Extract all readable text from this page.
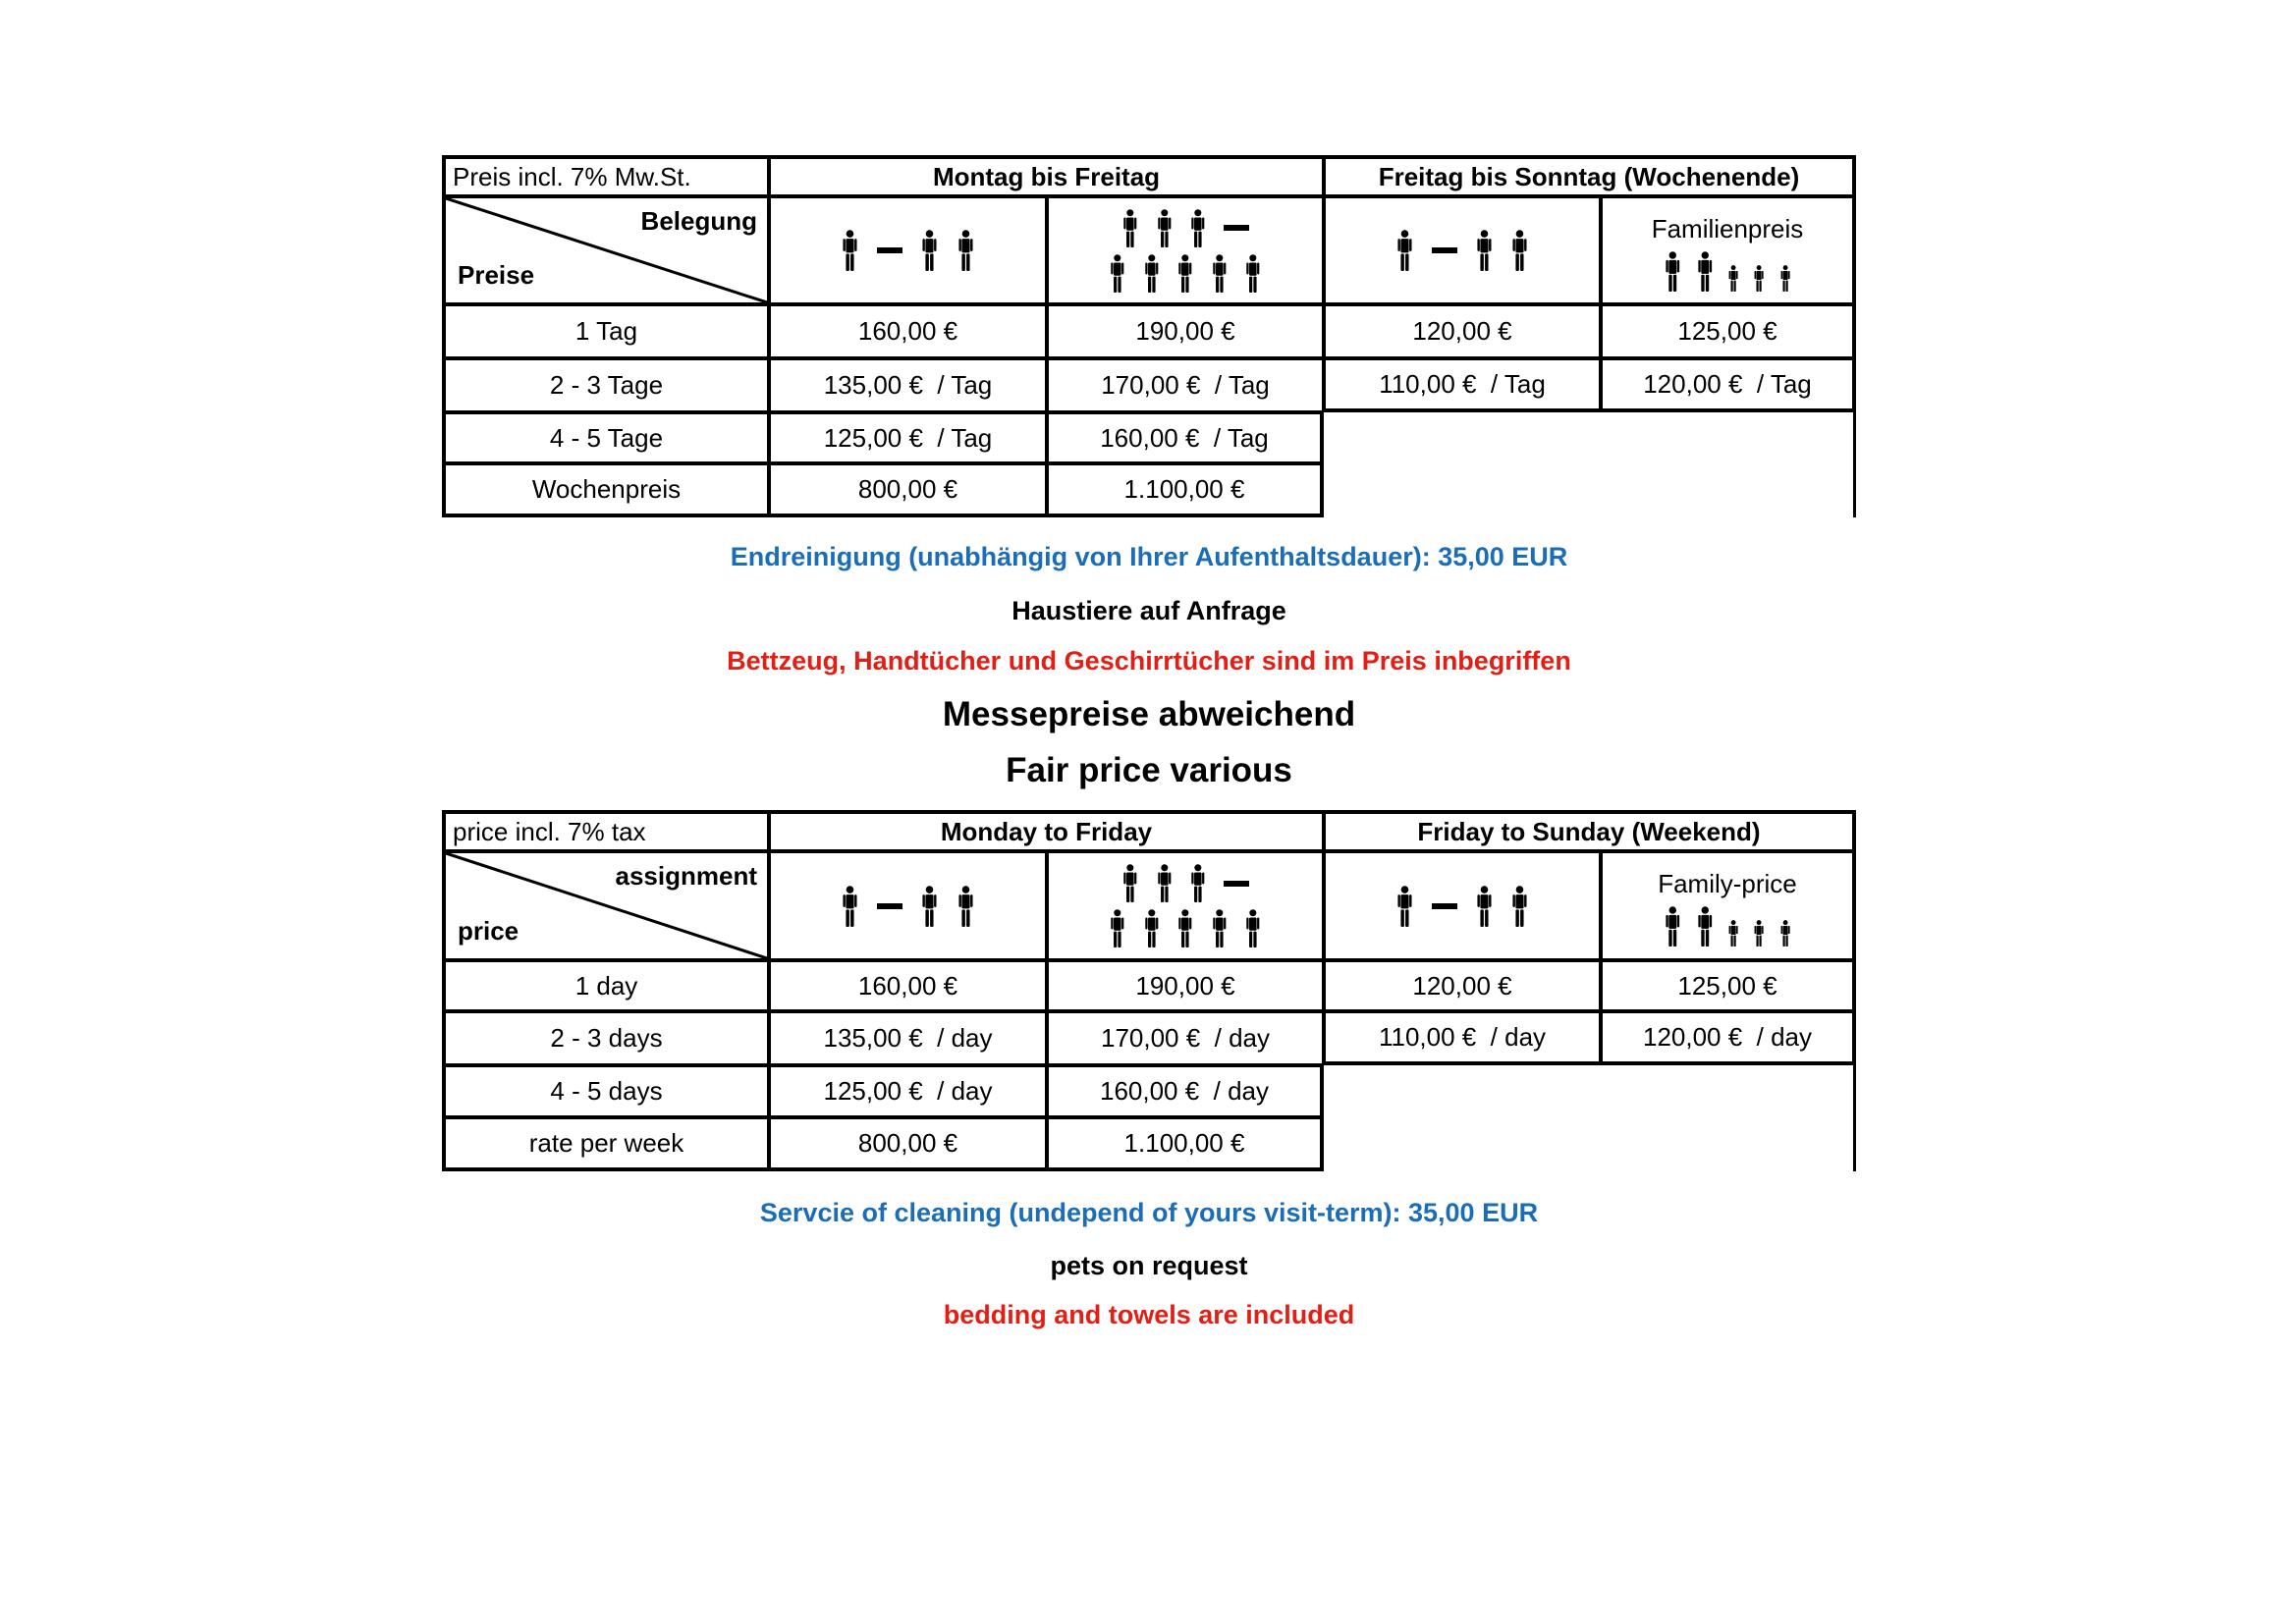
Preis incl. 7% Mw.St.	Montag bis Freitag	Freitag bis Sonntag (Wochenende)
Belegung
Preise
Familienpreis
1 Tag	160,00 €	190,00 €	120,00 €	125,00 €
2 - 3 Tage	135,00 €  / Tag	170,00 €  / Tag	110,00 €  / Tag	120,00 €  / Tag
4 - 5 Tage	125,00 €  / Tag	160,00 €  / Tag
Wochenpreis	800,00 €	1.100,00 €
Endreinigung (unabhängig von Ihrer Aufenthaltsdauer): 35,00 EUR
Haustiere auf Anfrage
Bettzeug, Handtücher und Geschirrtücher sind im Preis inbegriffen
Messepreise abweichend
Fair price various
price incl. 7% tax	Monday to Friday	Friday to Sunday (Weekend)
assignment
price
Family-price
1 day	160,00 €	190,00 €	120,00 €	125,00 €
2 - 3 days	135,00 €  / day	170,00 €  / day	110,00 €  / day	120,00 €  / day
4 - 5 days	125,00 €  / day	160,00 €  / day
rate per week	800,00 €	1.100,00 €
Servcie of cleaning (undepend of yours visit-term): 35,00 EUR
pets on request
bedding and towels are included
